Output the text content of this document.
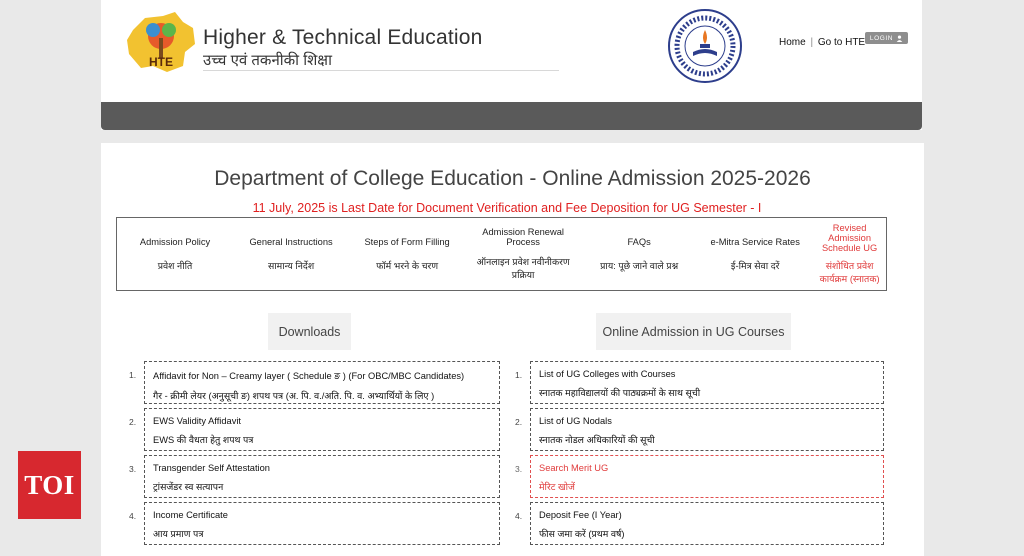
HTE
Higher & Technical Education
उच्च एवं तकनीकी शिक्षा
Home | Go to HTE LOGIN
Department of College Education - Online Admission 2025-2026
11 July, 2025 is Last Date for Document Verification and Fee Deposition for UG Semester - I
Admission Policy
प्रवेश नीति
General Instructions
सामान्य निर्देश
Steps of Form Filling
फॉर्म भरने के चरण
Admission Renewal Process
ऑनलाइन प्रवेश नवीनीकरण प्रक्रिया
FAQs
प्राय: पूछे जाने वाले प्रश्न
e-Mitra Service Rates
ई-मित्र सेवा दरें
Revised Admission Schedule UG
संशोधित प्रवेश कार्यक्रम (स्नातक)
Downloads	Online Admission in UG Courses
1. Affidavit for Non – Creamy layer ( Schedule ङ ) (For OBC/MBC Candidates)
गैर - क्रीमी लेयर (अनुसूची ङ) शपथ पत्र (अ. पि. व./अति. पि. व. अभ्यार्थियों के लिए )
2. EWS Validity Affidavit
EWS की वैधता हेतु शपथ पत्र
3. Transgender Self Attestation
ट्रांसजेंडर स्व सत्यापन
4. Income Certificate
आय प्रमाण पत्र
1. List of UG Colleges with Courses
स्नातक महाविद्यालयों की पाठ्यक्रमों के साथ सूची
2. List of UG Nodals
स्नातक नोडल अधिकारियों की सूची
3. Search Merit UG
मेरिट खोजें
4. Deposit Fee (I Year)
फीस जमा करें (प्रथम वर्ष)
TOI
